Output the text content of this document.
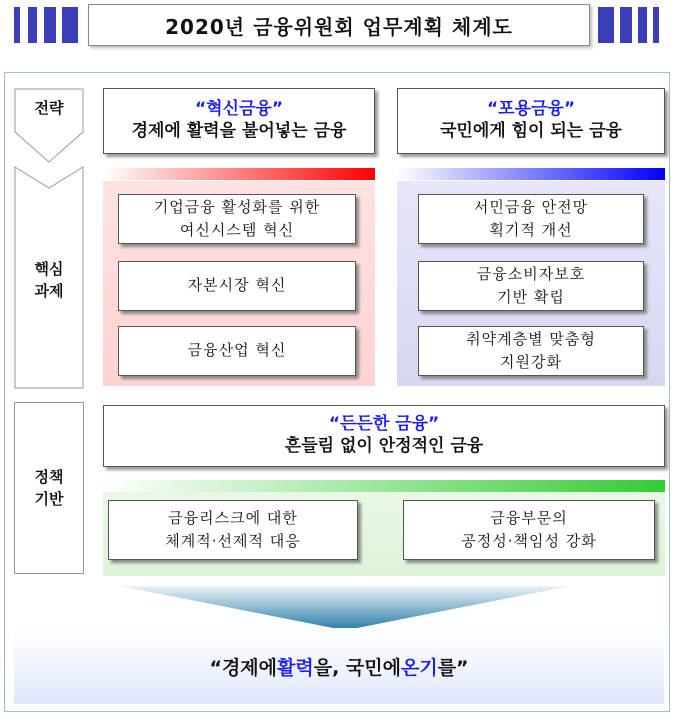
2020년 금융위원회 업무계획 체계도
전략
핵심
과제
정책
기반
“혁신금융”
경제에 활력을 불어넣는 금융
“포용금융”
국민에게 힘이 되는 금융
기업금융 활성화를 위한
여신시스템 혁신
자본시장 혁신
금융산업 혁신
서민금융 안전망
획기적 개선
금융소비자보호
기반 확립
취약계층별 맞춤형
지원강화
“든든한 금융”
흔들림 없이 안정적인 금융
금융리스크에 대한
체계적·선제적 대응
금융부문의
공정성·책임성 강화
“경제에 활력 을, 국민에 온기 를”
